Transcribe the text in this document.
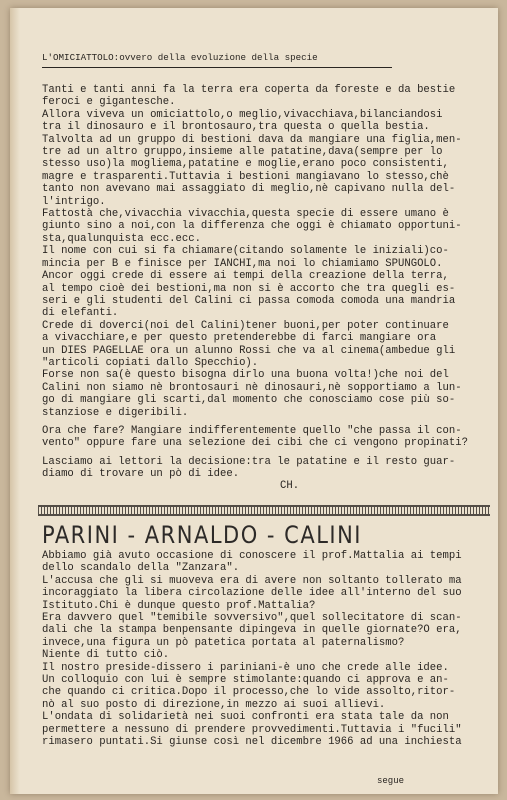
L'OMICIATTOLO:ovvero della evoluzione della specie
Tanti e tanti anni fa la terra era coperta da foreste e da bestie
feroci e gigantesche.
Allora viveva un omiciattolo,o meglio,vivacchiava,bilanciandosi
tra il dinosauro e il brontosauro,tra questa o quella bestia.
Talvolta ad un gruppo di bestioni dava da mangiare una figlia,men-
tre ad un altro gruppo,insieme alle patatine,dava(sempre per lo
stesso uso)la mogliema,patatine e moglie,erano poco consistenti,
magre e trasparenti.Tuttavia i bestioni mangiavano lo stesso,chè
tanto non avevano mai assaggiato di meglio,nè capivano nulla del-
l'intrigo.
Fattostà che,vivacchia vivacchia,questa specie di essere umano è
giunto sino a noi,con la differenza che oggi è chiamato opportuni-
sta,qualunquista ecc.ecc.
Il nome con cui si fa chiamare(citando solamente le iniziali)co-
mincia per B e finisce per IANCHI,ma noi lo chiamiamo SPUNGOLO.
Ancor oggi crede di essere ai tempi della creazione della terra,
al tempo cioè dei bestioni,ma non si è accorto che tra quegli es-
seri e gli studenti del Calini ci passa comoda comoda una mandria
di elefanti.
Crede di doverci(noi del Calini)tener buoni,per poter continuare
a vivacchiare,e per questo pretenderebbe di farci mangiare ora
un DIES PAGELLAE ora un alunno Rossi che va al cinema(ambedue gli
"articoli copiati dallo Specchio).
Forse non sa(è questo bisogna dirlo una buona volta!)che noi del
Calini non siamo nè brontosauri nè dinosauri,nè sopportiamo a lun-
go di mangiare gli scarti,dal momento che conosciamo cose più so-
stanziose e digeribili.
Ora che fare? Mangiare indifferentemente quello "che passa il con-
vento" oppure fare una selezione dei cibi che ci vengono propinati?
Lasciamo ai lettori la decisione:tra le patatine e il resto guar-
diamo di trovare un pò di idee.
CH.
PARINI - ARNALDO - CALINI
Abbiamo già avuto occasione di conoscere il prof.Mattalia ai tempi
dello scandalo della "Zanzara".
L'accusa che gli si muoveva era di avere non soltanto tollerato ma
incoraggiato la libera circolazione delle idee all'interno del suo
Istituto.Chi è dunque questo prof.Mattalia?
Era davvero quel "temibile sovversivo",quel sollecitatore di scan-
dali che la stampa benpensante dipingeva in quelle giornate?O era,
invece,una figura un pò patetica portata al paternalismo?
Niente di tutto ciò.
Il nostro preside-dissero i pariniani-è uno che crede alle idee.
Un colloquio con lui è sempre stimolante:quando ci approva e an-
che quando ci critica.Dopo il processo,che lo vide assolto,ritor-
nò al suo posto di direzione,in mezzo ai suoi allievi.
L'ondata di solidarietà nei suoi confronti era stata tale da non
permettere a nessuno di prendere provvedimenti.Tuttavia i "fucili"
rimasero puntati.Si giunse così nel dicembre 1966 ad una inchiesta
segue
